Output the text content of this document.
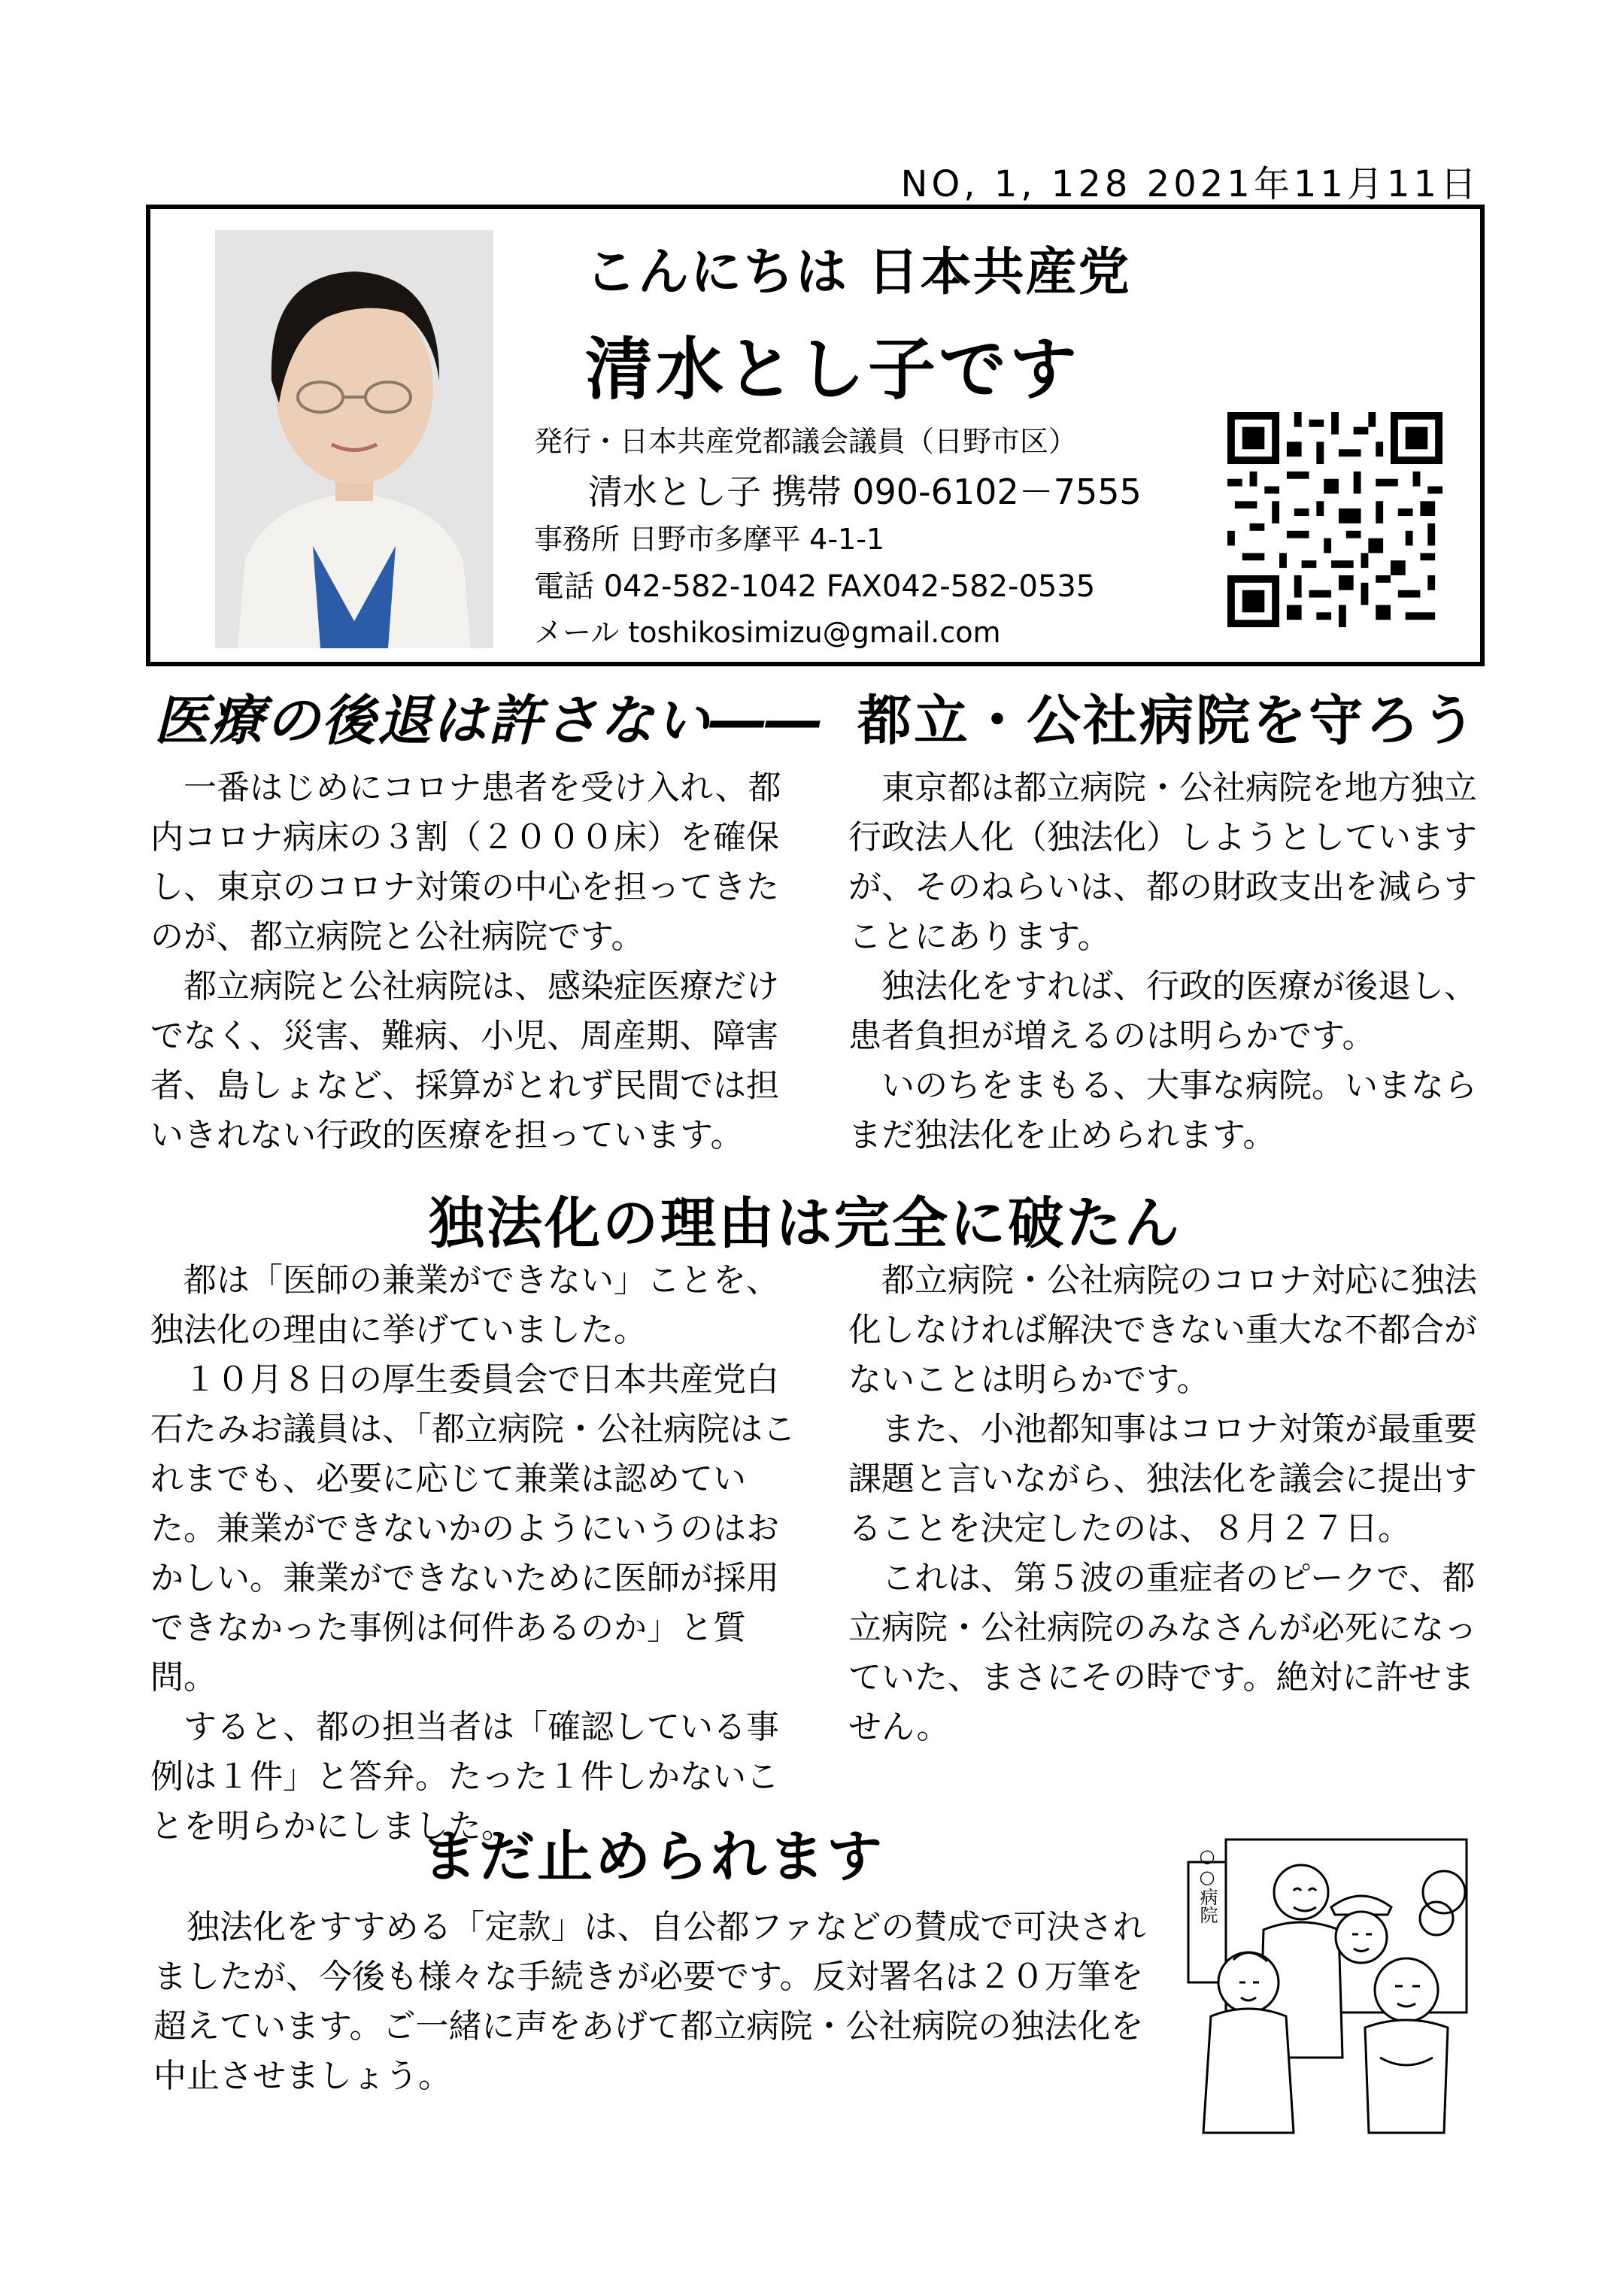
NO, 1, 128 2021年11月11日
こんにちは 日本共産党
清水とし子です
発行・日本共産党都議会議員（日野市区）
清水とし子 携帯 090-6102－7555
事務所 日野市多摩平 4-1-1
電話 042-582-1042 FAX042-582-0535
メール toshikosimizu@gmail.com
医療の後退は許さない―― 都立・公社病院を守ろう

一番はじめにコロナ患者を受け入れ、都内コロナ病床の３割（２０００床）を確保し、東京のコロナ対策の中心を担ってきたのが、都立病院と公社病院です。

都立病院と公社病院は、感染症医療だけでなく、災害、難病、小児、周産期、障害者、島しょなど、採算がとれず民間では担いきれない行政的医療を担っています。

東京都は都立病院・公社病院を地方独立行政法人化（独法化）しようとしていますが、そのねらいは、都の財政支出を減らすことにあります。

独法化をすれば、行政的医療が後退し、患者負担が増えるのは明らかです。

いのちをまもる、大事な病院。いまならまだ独法化を止められます。

独法化の理由は完全に破たん

都は「医師の兼業ができない」ことを、独法化の理由に挙げていました。

１０月８日の厚生委員会で日本共産党白石たみお議員は、「都立病院・公社病院はこれまでも、必要に応じて兼業は認めていた。兼業ができないかのようにいうのはおかしい。兼業ができないために医師が採用できなかった事例は何件あるのか」と質問。

すると、都の担当者は「確認している事例は１件」と答弁。たった１件しかないことを明らかにしました。

都立病院・公社病院のコロナ対応に独法化しなければ解決できない重大な不都合がないことは明らかです。

また、小池都知事はコロナ対策が最重要課題と言いながら、独法化を議会に提出することを決定したのは、８月２７日。

これは、第５波の重症者のピークで、都立病院・公社病院のみなさんが必死になっていた、まさにその時です。絶対に許せません。

まだ止められます

独法化をすすめる「定款」は、自公都ファなどの賛成で可決されましたが、今後も様々な手続きが必要です。反対署名は２０万筆を超えています。ご一緒に声をあげて都立病院・公社病院の独法化を中止させましょう。

○○病院
